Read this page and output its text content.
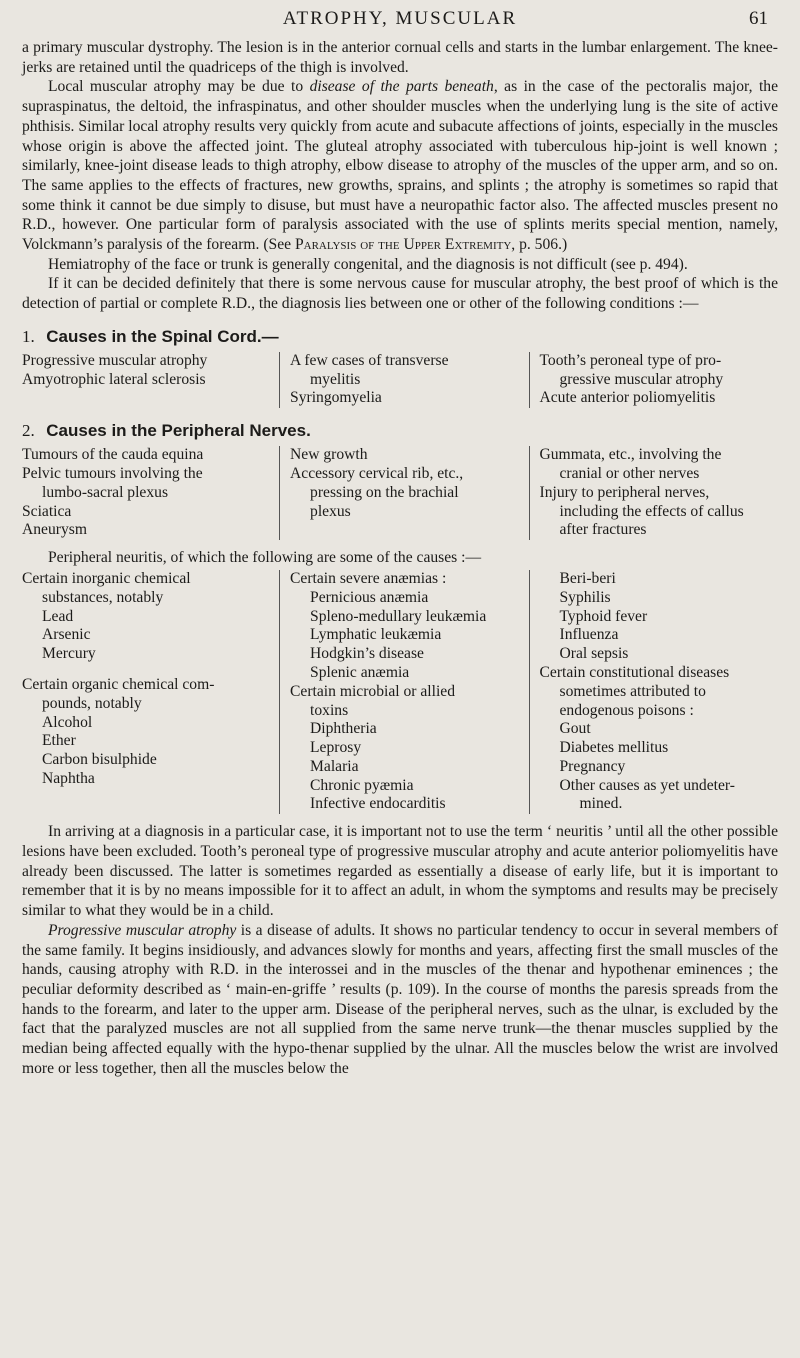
ATROPHY, MUSCULAR	61

a primary muscular dystrophy. The lesion is in the anterior cornual cells and starts in the lumbar enlargement. The knee-jerks are retained until the quadriceps of the thigh is involved.

Local muscular atrophy may be due to disease of the parts beneath, as in the case of the pectoralis major, the supraspinatus, the deltoid, the infraspinatus, and other shoulder muscles when the underlying lung is the site of active phthisis. Similar local atrophy results very quickly from acute and subacute affections of joints, especially in the muscles whose origin is above the affected joint. The gluteal atrophy associated with tuberculous hip-joint is well known ; similarly, knee-joint disease leads to thigh atrophy, elbow disease to atrophy of the muscles of the upper arm, and so on. The same applies to the effects of fractures, new growths, sprains, and splints ; the atrophy is sometimes so rapid that some think it cannot be due simply to disuse, but must have a neuropathic factor also. The affected muscles present no R.D., however. One particular form of paralysis associated with the use of splints merits special mention, namely, Volckmann’s paralysis of the forearm. (See Paralysis of the Upper Extremity, p. 506.)

Hemiatrophy of the face or trunk is generally congenital, and the diagnosis is not difficult (see p. 494).

If it can be decided definitely that there is some nervous cause for muscular atrophy, the best proof of which is the detection of partial or complete R.D., the diagnosis lies between one or other of the following conditions :—

1. Causes in the Spinal Cord.—
Progressive muscular atrophy
Amyotrophic lateral sclerosis
A few cases of transverse
myelitis
Syringomyelia
Tooth’s peroneal type of pro-
gressive muscular atrophy
Acute anterior poliomyelitis
2. Causes in the Peripheral Nerves.
Tumours of the cauda equina
Pelvic tumours involving the
lumbo-sacral plexus
Sciatica
Aneurysm
New growth
Accessory cervical rib, etc.,
pressing on the brachial
plexus
Gummata, etc., involving the
cranial or other nerves
Injury to peripheral nerves,
including the effects of callus
after fractures

Peripheral neuritis, of which the following are some of the causes :—

Certain inorganic chemical
substances, notably
Lead
Arsenic
Mercury
Certain organic chemical com-
pounds, notably
Alcohol
Ether
Carbon bisulphide
Naphtha
Certain severe anæmias :
Pernicious anæmia
Spleno-medullary leukæmia
Lymphatic leukæmia
Hodgkin’s disease
Splenic anæmia
Certain microbial or allied
toxins
Diphtheria
Leprosy
Malaria
Chronic pyæmia
Infective endocarditis
Beri-beri
Syphilis
Typhoid fever
Influenza
Oral sepsis
Certain constitutional diseases
sometimes attributed to
endogenous poisons :
Gout
Diabetes mellitus
Pregnancy
Other causes as yet undeter-
mined.

In arriving at a diagnosis in a particular case, it is important not to use the term ‘ neuritis ’ until all the other possible lesions have been excluded. Tooth’s peroneal type of progressive muscular atrophy and acute anterior poliomyelitis have already been discussed. The latter is sometimes regarded as essentially a disease of early life, but it is important to remember that it is by no means impossible for it to affect an adult, in whom the symptoms and results may be precisely similar to what they would be in a child.

Progressive muscular atrophy is a disease of adults. It shows no particular tendency to occur in several members of the same family. It begins insidiously, and advances slowly for months and years, affecting first the small muscles of the hands, causing atrophy with R.D. in the interossei and in the muscles of the thenar and hypothenar eminences ; the peculiar deformity described as ‘ main-en-griffe ’ results (p. 109). In the course of months the paresis spreads from the hands to the forearm, and later to the upper arm. Disease of the peripheral nerves, such as the ulnar, is excluded by the fact that the paralyzed muscles are not all supplied from the same nerve trunk—the thenar muscles supplied by the median being affected equally with the hypo-thenar supplied by the ulnar. All the muscles below the wrist are involved more or less together, then all the muscles below the
